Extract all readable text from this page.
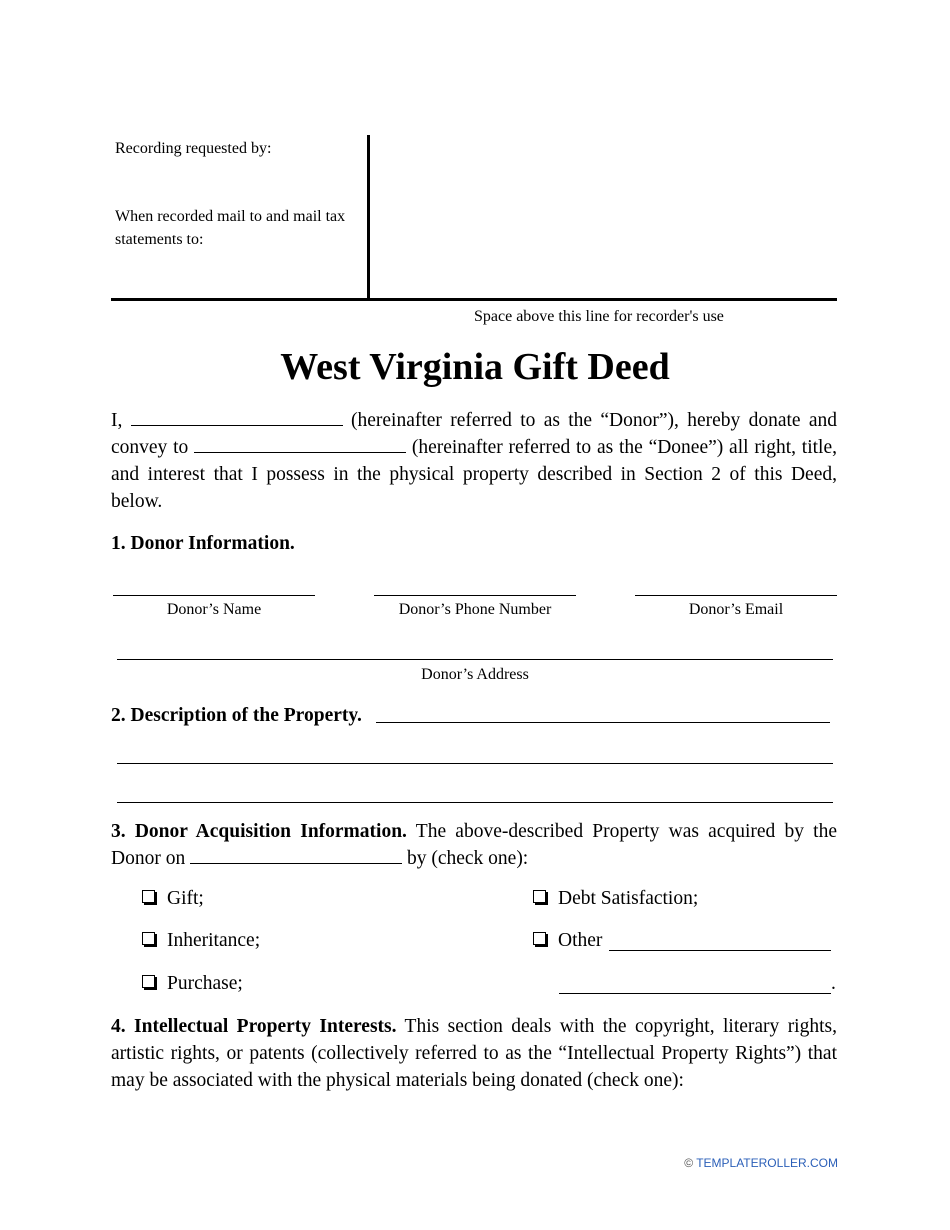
Recording requested by:
When recorded mail to and mail tax statements to:
Space above this line for recorder's use
West Virginia Gift Deed
I,	(hereinafter referred to as the “Donor”), hereby donate and convey to	(hereinafter referred to as the “Donee”) all right, title, and interest that I possess in the physical property described in Section 2 of this Deed, below.
1. Donor Information.
Donor’s Name	Donor’s Phone Number	Donor’s Email
Donor’s Address
2. Description of the Property.
3. Donor Acquisition Information. The above-described Property was acquired by the Donor on	by (check one):
Gift;
Inheritance;
Purchase;
Debt Satisfaction;
Other
.
4. Intellectual Property Interests. This section deals with the copyright, literary rights, artistic rights, or patents (collectively referred to as the “Intellectual Property Rights”) that may be associated with the physical materials being donated (check one):
© TEMPLATEROLLER.COM
